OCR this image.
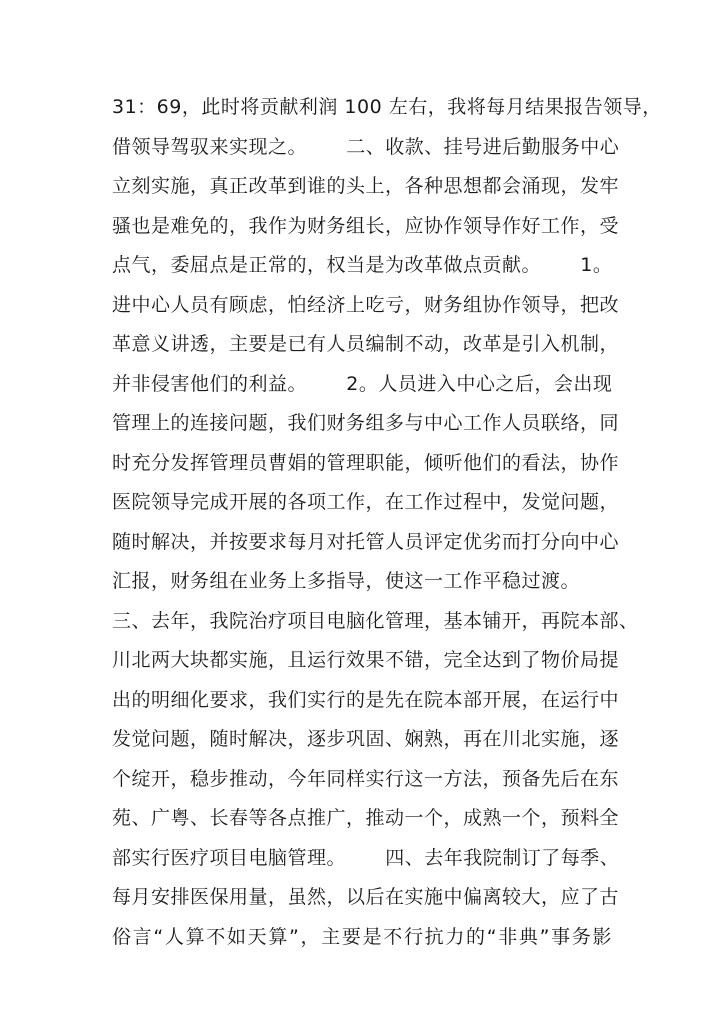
31：69，此时将贡献利润 100 左右，我将每月结果报告领导，
借领导驾驭来实现之。      二、收款、挂号进后勤服务中心
立刻实施，真正改革到谁的头上，各种思想都会涌现，发牢
骚也是难免的，我作为财务组长，应协作领导作好工作，受
点气，委屈点是正常的，权当是为改革做点贡献。      1。
进中心人员有顾虑，怕经济上吃亏，财务组协作领导，把改
革意义讲透，主要是已有人员编制不动，改革是引入机制，
并非侵害他们的利益。      2。人员进入中心之后，会出现
管理上的连接问题，我们财务组多与中心工作人员联络，同
时充分发挥管理员曹娟的管理职能，倾听他们的看法，协作
医院领导完成开展的各项工作，在工作过程中，发觉问题，
随时解决，并按要求每月对托管人员评定优劣而打分向中心
汇报，财务组在业务上多指导，使这一工作平稳过渡。
三、去年，我院治疗项目电脑化管理，基本铺开，再院本部、
川北两大块都实施，且运行效果不错，完全达到了物价局提
出的明细化要求，我们实行的是先在院本部开展，在运行中
发觉问题，随时解决，逐步巩固、娴熟，再在川北实施，逐
个绽开，稳步推动，今年同样实行这一方法，预备先后在东
苑、广粤、长春等各点推广，推动一个，成熟一个，预料全
部实行医疗项目电脑管理。      四、去年我院制订了每季、
每月安排医保用量，虽然，以后在实施中偏离较大，应了古
俗言“人算不如天算”，主要是不行抗力的“非典”事务影
